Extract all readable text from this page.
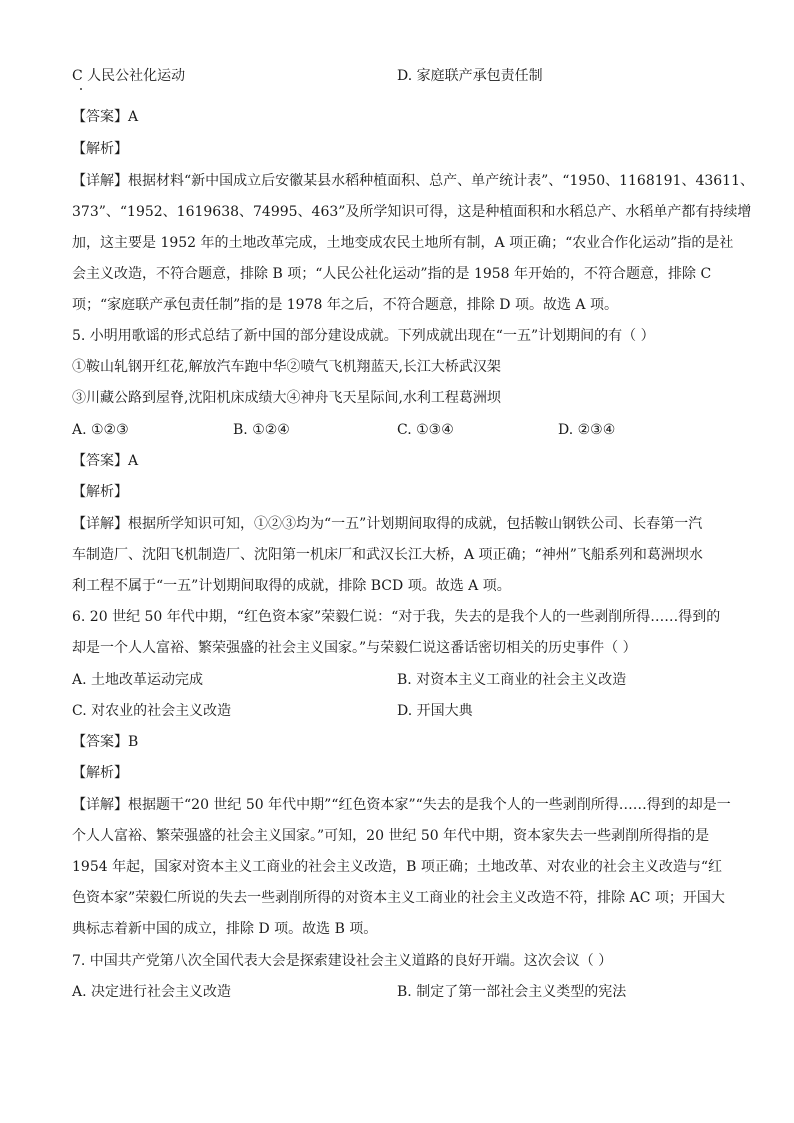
C 人民公社化运动	D. 家庭联产承包责任制
【答案】A
【解析】
【详解】根据材料“新中国成立后安徽某县水稻种植面积、总产、单产统计表”、“1950、1168191、43611、
373”、“1952、1619638、74995、463”及所学知识可得，这是种植面积和水稻总产、水稻单产都有持续增
加，这主要是 1952 年的土地改革完成，土地变成农民土地所有制，A 项正确；“农业合作化运动”指的是社
会主义改造，不符合题意，排除 B 项；“人民公社化运动”指的是 1958 年开始的，不符合题意，排除 C
项；“家庭联产承包责任制”指的是 1978 年之后，不符合题意，排除 D 项。故选 A 项。
5. 小明用歌谣的形式总结了新中国的部分建设成就。下列成就出现在“一五”计划期间的有（ ）
①鞍山轧钢开红花,解放汽车跑中华②喷气飞机翔蓝天,长江大桥武汉架
③川藏公路到屋脊,沈阳机床成绩大④神舟飞天星际间,水利工程葛洲坝
A. ①②③	B. ①②④	C. ①③④	D. ②③④
【答案】A
【解析】
【详解】根据所学知识可知，①②③均为“一五”计划期间取得的成就，包括鞍山钢铁公司、长春第一汽
车制造厂、沈阳飞机制造厂、沈阳第一机床厂和武汉长江大桥，A 项正确；“神州”飞船系列和葛洲坝水
利工程不属于“一五”计划期间取得的成就，排除 BCD 项。故选 A 项。
6. 20 世纪 50 年代中期，“红色资本家”荣毅仁说：“对于我，失去的是我个人的一些剥削所得……得到的
却是一个人人富裕、繁荣强盛的社会主义国家。”与荣毅仁说这番话密切相关的历史事件（ ）
A. 土地改革运动完成	B. 对资本主义工商业的社会主义改造
C. 对农业的社会主义改造	D. 开国大典
【答案】B
【解析】
【详解】根据题干“20 世纪 50 年代中期”“红色资本家”“失去的是我个人的一些剥削所得……得到的却是一
个人人富裕、繁荣强盛的社会主义国家。”可知，20 世纪 50 年代中期，资本家失去一些剥削所得指的是
1954 年起，国家对资本主义工商业的社会主义改造，B 项正确；土地改革、对农业的社会主义改造与“红
色资本家”荣毅仁所说的失去一些剥削所得的对资本主义工商业的社会主义改造不符，排除 AC 项；开国大
典标志着新中国的成立，排除 D 项。故选 B 项。
7. 中国共产党第八次全国代表大会是探索建设社会主义道路的良好开端。这次会议（ ）
A. 决定进行社会主义改造	B. 制定了第一部社会主义类型的宪法
